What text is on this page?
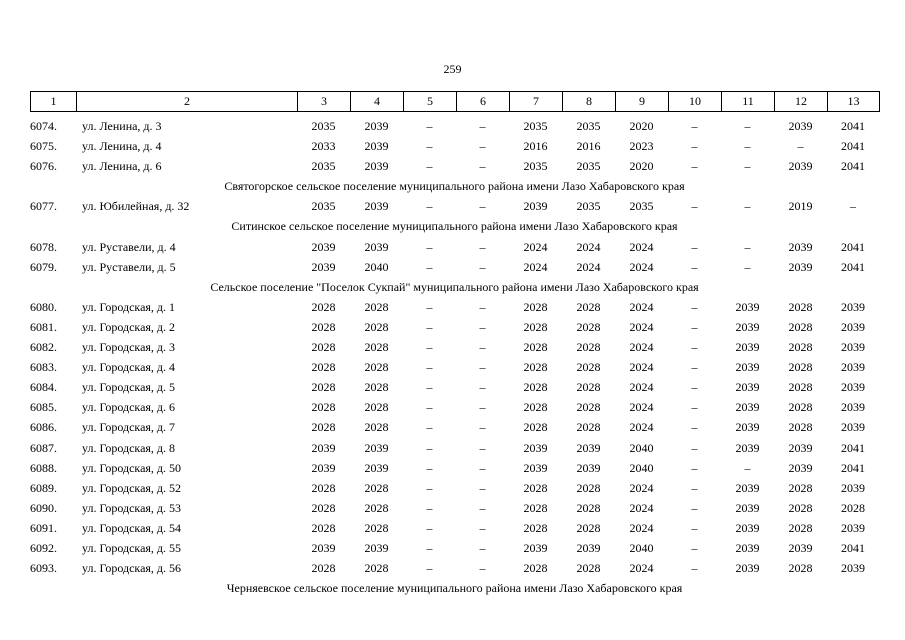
259
1	2	3	4	5	6	7	8	9	10	11	12	13
6074.	ул. Ленина, д. 3	2035	2039	–	–	2035	2035	2020	–	–	2039	2041
6075.	ул. Ленина, д. 4	2033	2039	–	–	2016	2016	2023	–	–	–	2041
6076.	ул. Ленина, д. 6	2035	2039	–	–	2035	2035	2020	–	–	2039	2041
Святогорское сельское поселение муниципального района имени Лазо Хабаровского края
6077.	ул. Юбилейная, д. 32	2035	2039	–	–	2039	2035	2035	–	–	2019	–
Ситинское сельское поселение муниципального района имени Лазо Хабаровского края
6078.	ул. Руставели, д. 4	2039	2039	–	–	2024	2024	2024	–	–	2039	2041
6079.	ул. Руставели, д. 5	2039	2040	–	–	2024	2024	2024	–	–	2039	2041
Сельское поселение "Поселок Сукпай" муниципального района имени Лазо Хабаровского края
6080.	ул. Городская, д. 1	2028	2028	–	–	2028	2028	2024	–	2039	2028	2039
6081.	ул. Городская, д. 2	2028	2028	–	–	2028	2028	2024	–	2039	2028	2039
6082.	ул. Городская, д. 3	2028	2028	–	–	2028	2028	2024	–	2039	2028	2039
6083.	ул. Городская, д. 4	2028	2028	–	–	2028	2028	2024	–	2039	2028	2039
6084.	ул. Городская, д. 5	2028	2028	–	–	2028	2028	2024	–	2039	2028	2039
6085.	ул. Городская, д. 6	2028	2028	–	–	2028	2028	2024	–	2039	2028	2039
6086.	ул. Городская, д. 7	2028	2028	–	–	2028	2028	2024	–	2039	2028	2039
6087.	ул. Городская, д. 8	2039	2039	–	–	2039	2039	2040	–	2039	2039	2041
6088.	ул. Городская, д. 50	2039	2039	–	–	2039	2039	2040	–	–	2039	2041
6089.	ул. Городская, д. 52	2028	2028	–	–	2028	2028	2024	–	2039	2028	2039
6090.	ул. Городская, д. 53	2028	2028	–	–	2028	2028	2024	–	2039	2028	2028
6091.	ул. Городская, д. 54	2028	2028	–	–	2028	2028	2024	–	2039	2028	2039
6092.	ул. Городская, д. 55	2039	2039	–	–	2039	2039	2040	–	2039	2039	2041
6093.	ул. Городская, д. 56	2028	2028	–	–	2028	2028	2024	–	2039	2028	2039
Черняевское сельское поселение муниципального района имени Лазо Хабаровского края
